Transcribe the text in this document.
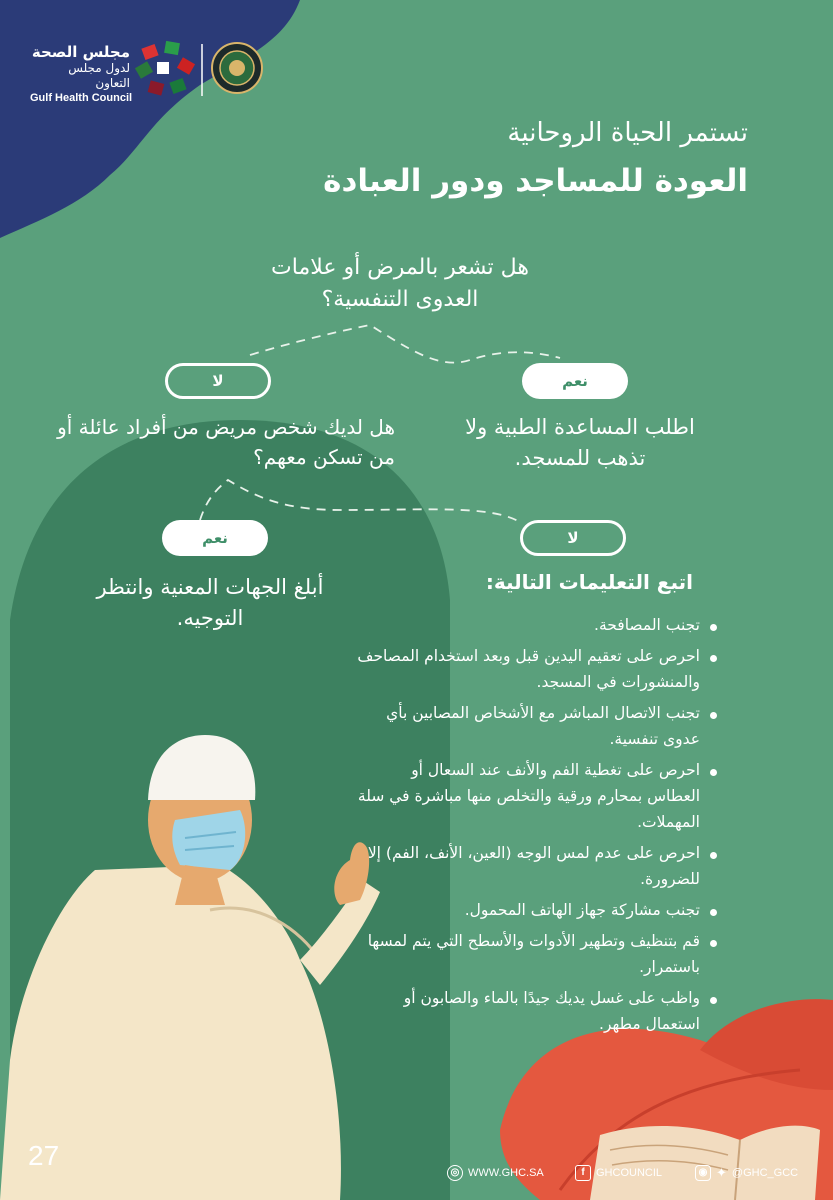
مجلس الصحة
لدول مجلس التعاون
Gulf Health Council
تستمر الحياة الروحانية
العودة للمساجد ودور العبادة
هل تشعر بالمرض أو علامات العدوى التنفسية؟
لا	نعم
هل لديك شخص مريض من أفراد عائلة أو من تسكن معهم؟
اطلب المساعدة الطبية ولا تذهب للمسجد.
نعم	لا
أبلغ الجهات المعنية وانتظر التوجيه.
اتبع التعليمات التالية:
تجنب المصافحة.
احرص على تعقيم اليدين قبل وبعد استخدام المصاحف والمنشورات في المسجد.
تجنب الاتصال المباشر مع الأشخاص المصابين بأي عدوى تنفسية.
احرص على تغطية الفم والأنف عند السعال أو العطاس بمحارم ورقية والتخلص منها مباشرة في سلة المهملات.
احرص على عدم لمس الوجه (العين، الأنف، الفم) إلا للضرورة.
تجنب مشاركة جهاز الهاتف المحمول.
قم بتنظيف وتطهير الأدوات والأسطح التي يتم لمسها باستمرار.
واظب على غسل يديك جيدًا بالماء والصابون أو استعمال مطهر.
27
◎ WWW.GHC.SA	f	GHCOUNCIL	◉ ✦ @GHC_GCC
